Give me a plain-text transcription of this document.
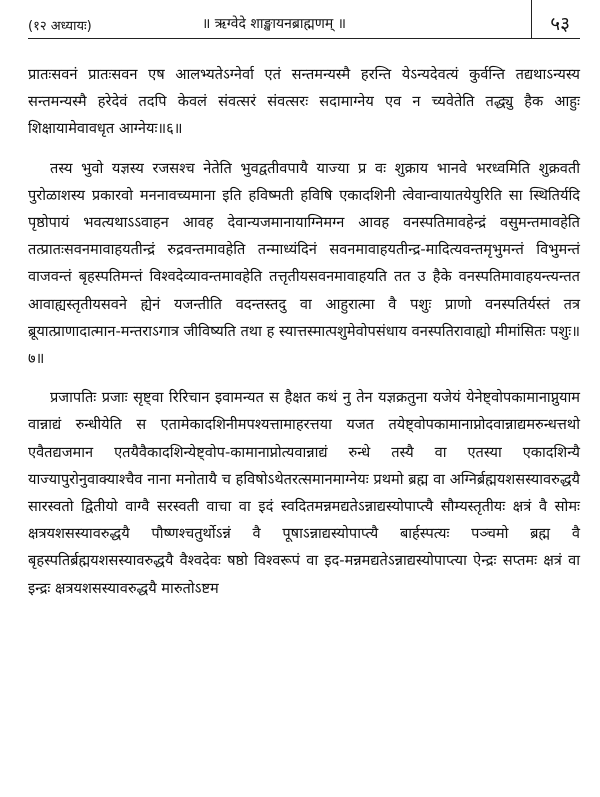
(१२ अध्यायः)	॥ ऋग्वेदे शाङ्खायनब्राह्मणम् ॥	५३

प्रातःसवनं प्रातःसवन एष आलभ्यतेऽग्नेर्वा एतं सन्तमन्यस्मै हरन्ति येऽन्यदेवत्यं कुर्वन्ति तद्यथाऽन्यस्य सन्तमन्यस्मै हरेदेवं तदपि केवलं संवत्सरं संवत्सरः सदामाग्नेय एव न च्यवेतेति तद्ध्यु हैक आहुः शिक्षायामेवावधृत आग्नेयः॥६॥

तस्य भुवो यज्ञस्य रजसश्च नेतेति भुवद्वतीवपायै याज्या प्र वः शुक्राय भानवे भरध्वमिति शुक्रवती पुरोळाशस्य प्रकारवो मननावच्यमाना इति हविष्मती हविषि एकादशिनी त्वेवान्वायातयेयुरिति सा स्थितिर्यदि पृष्ठोपायं भवत्यथाऽऽवाहन आवह देवान्यजमानायाग्निमग्न आवह वनस्पतिमावहेन्द्रं वसुमन्तमावहेति तत्प्रातःसवनमावाहयतीन्द्रं रुद्रवन्तमावहेति तन्माध्यंदिनं सवनमावाहयतीन्द्र-मादित्यवन्तमृभुमन्तं विभुमन्तं वाजवन्तं बृहस्पतिमन्तं विश्वदेव्यावन्तमावहेति तत्तृतीयसवनमावाहयति तत उ हैके वनस्पतिमावाहयन्त्यन्तत आवाह्यस्तृतीयसवने ह्येनं यजन्तीति वदन्तस्तदु वा आहुरात्मा वै पशुः प्राणो वनस्पतिर्यस्तं तत्र ब्रूयात्प्राणादात्मान-मन्तराऽगात्र जीविष्यति तथा ह स्यात्तस्मात्पशुमेवोपसंधाय वनस्पतिरावाह्यो मीमांसितः पशुः॥७॥

प्रजापतिः प्रजाः सृष्ट्वा रिरिचान इवामन्यत स हैक्षत कथं नु तेन यज्ञक्रतुना यजेयं येनेष्ट्वोपकामानाप्नुयाम वान्नाद्यं रुन्धीयेति स एतामेकादशिनीमपश्यत्तामाहरत्तया यजत तयेष्ट्वोपकामानाप्नोदवान्नाद्यमरुन्धत्तथो एवैतद्यजमान एतयैवैकादशिन्येष्ट्वोप-कामानाप्नोत्यवान्नाद्यं रुन्धे तस्यै वा एतस्या एकादशिन्यै याज्यापुरोनुवाक्याश्चैव नाना मनोतायै च हविषोऽथेतरत्समानमाग्नेयः प्रथमो ब्रह्म वा अग्निर्ब्रह्मयशसस्यावरुद्धयै सारस्वतो द्वितीयो वाग्वै सरस्वती वाचा वा इदं स्वदितमन्नमद्यतेऽन्नाद्यस्योपाप्त्यै सौम्यस्तृतीयः क्षत्रं वै सोमः क्षत्रयशसस्यावरुद्धयै पौष्णश्चतुर्थोऽन्नं वै पूषाऽन्नाद्यस्योपाप्त्यै बार्हस्पत्यः पञ्चमो ब्रह्म वै बृहस्पतिर्ब्रह्मयशसस्यावरुद्धयै वैश्वदेवः षष्ठो विश्वरूपं वा इद-मन्नमद्यतेऽन्नाद्यस्योपाप्त्या ऐन्द्रः सप्तमः क्षत्रं वा इन्द्रः क्षत्रयशसस्यावरुद्धयै मारुतोऽष्टम
